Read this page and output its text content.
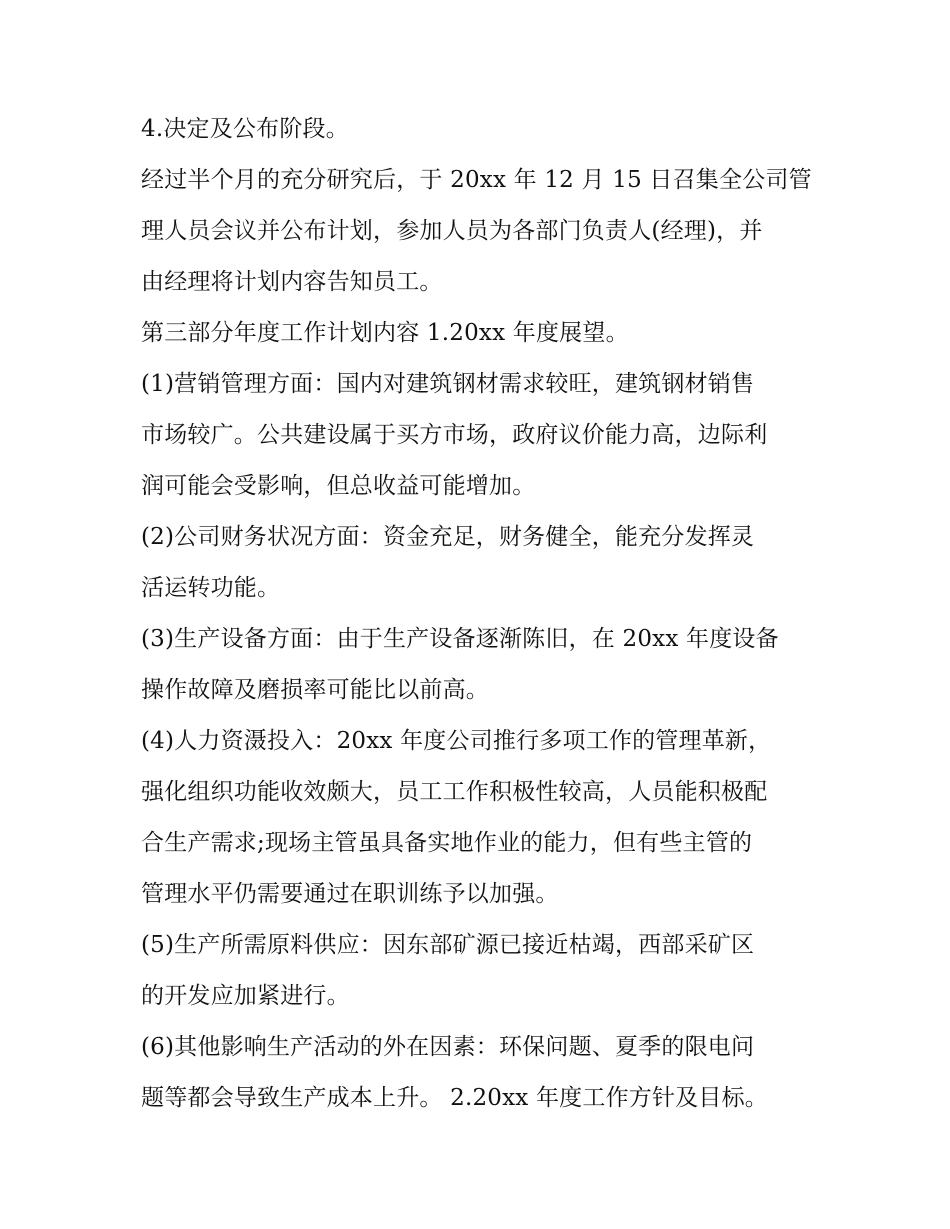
4.决定及公布阶段。
经过半个月的充分研究后，于 20xx 年 12 月 15 日召集全公司管
理人员会议并公布计划，参加人员为各部门负责人(经理)，并
由经理将计划内容告知员工。
第三部分年度工作计划内容 1.20xx 年度展望。
(1)营销管理方面：国内对建筑钢材需求较旺，建筑钢材销售
市场较广。公共建设属于买方市场，政府议价能力高，边际利
润可能会受影响，但总收益可能增加。
(2)公司财务状况方面：资金充足，财务健全，能充分发挥灵
活运转功能。
(3)生产设备方面：由于生产设备逐渐陈旧，在 20xx 年度设备
操作故障及磨损率可能比以前高。
(4)人力资滠投入：20xx 年度公司推行多项工作的管理革新，
强化组织功能收效颇大，员工工作积极性较高，人员能积极配
合生产需求;现场主管虽具备实地作业的能力，但有些主管的
管理水平仍需要通过在职训练予以加强。
(5)生产所需原料供应：因东部矿源已接近枯竭，西部采矿区
的开发应加紧进行。
(6)其他影响生产活动的外在因素：环保问题、夏季的限电问
题等都会导致生产成本上升。 2.20xx 年度工作方针及目标。
